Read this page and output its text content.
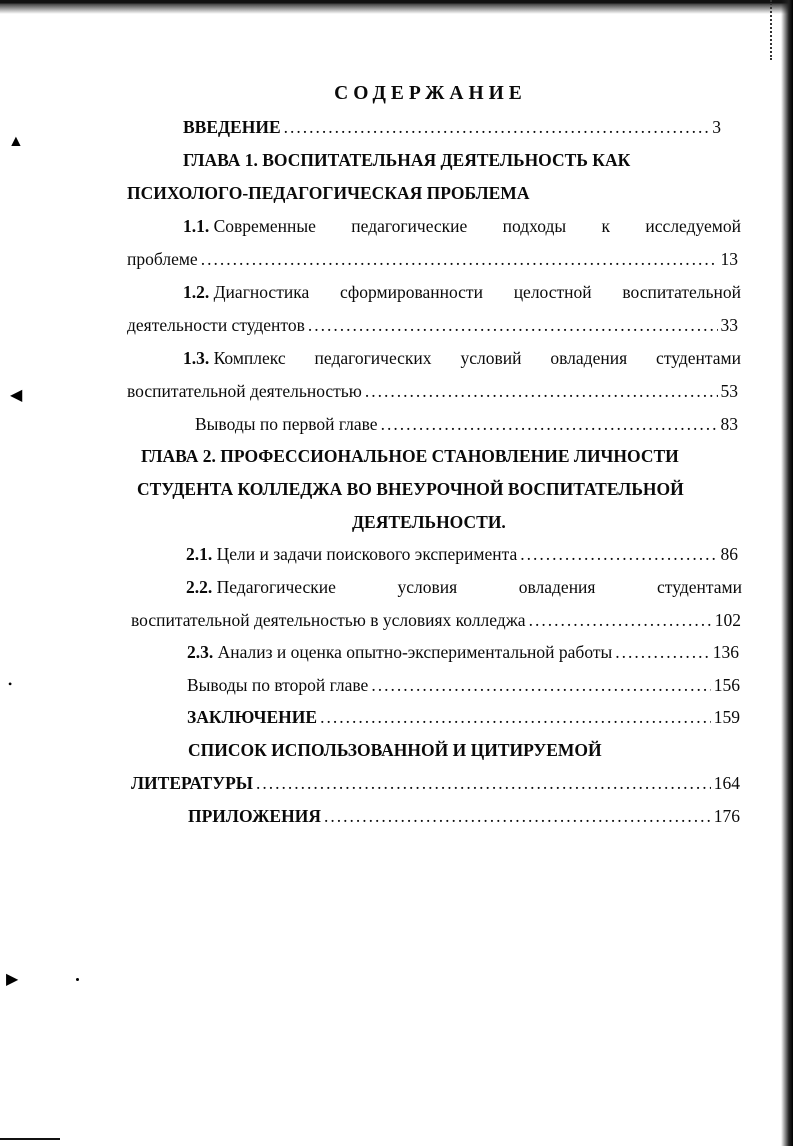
▲
◀
•
▶
СОДЕРЖАНИЕ
ВВЕДЕНИЕ .....	3
ГЛАВА 1. ВОСПИТАТЕЛЬНАЯ ДЕЯТЕЛЬНОСТЬ КАК
ПСИХОЛОГО-ПЕДАГОГИЧЕСКАЯ ПРОБЛЕМА
1.1. Современные педагогические подходы к исследуемой
проблеме .....	13
1.2. Диагностика сформированности целостной воспитательной
деятельности студентов .....	33
1.3. Комплекс педагогических условий овладения студентами
воспитательной деятельностью .....	53
Выводы по первой главе .....	83
ГЛАВА 2. ПРОФЕССИОНАЛЬНОЕ СТАНОВЛЕНИЕ ЛИЧНОСТИ
СТУДЕНТА КОЛЛЕДЖА ВО ВНЕУРОЧНОЙ ВОСПИТАТЕЛЬНОЙ
ДЕЯТЕЛЬНОСТИ.
2.1. Цели и задачи поискового эксперимента .....	86
2.2. Педагогические	условия	овладения	студентами
воспитательной деятельностью в условиях колледжа .....	102
2.3. Анализ и оценка опытно-экспериментальной работы .....	136
Выводы по второй главе .....	156
ЗАКЛЮЧЕНИЕ .....	159
СПИСОК ИСПОЛЬЗОВАННОЙ И ЦИТИРУЕМОЙ
ЛИТЕРАТУРЫ .....	164
ПРИЛОЖЕНИЯ .....	176
